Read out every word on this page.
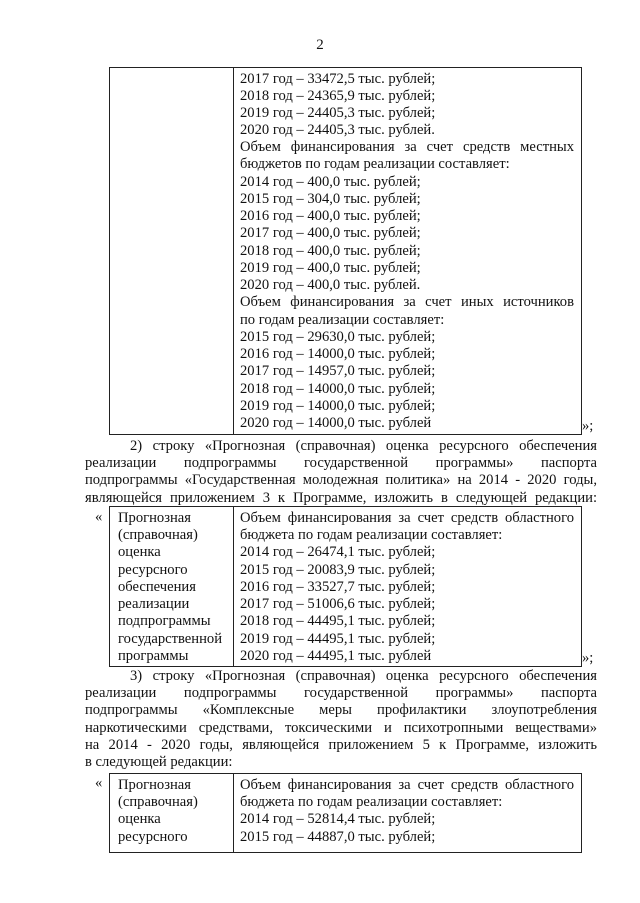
2
2017 год – 33472,5 тыс. рублей;
2018 год – 24365,9 тыс. рублей;
2019 год – 24405,3 тыс. рублей;
2020 год – 24405,3 тыс. рублей.
Объем финансирования за счет средств местных
бюджетов по годам реализации составляет:
2014 год – 400,0 тыс. рублей;
2015 год – 304,0 тыс. рублей;
2016 год – 400,0 тыс. рублей;
2017 год – 400,0 тыс. рублей;
2018 год – 400,0 тыс. рублей;
2019 год – 400,0 тыс. рублей;
2020 год – 400,0 тыс. рублей.
Объем финансирования за счет иных источников
по годам реализации составляет:
2015 год – 29630,0 тыс. рублей;
2016 год – 14000,0 тыс. рублей;
2017 год – 14957,0 тыс. рублей;
2018 год – 14000,0 тыс. рублей;
2019 год – 14000,0 тыс. рублей;
2020 год – 14000,0 тыс. рублей	»;
2) строку «Прогнозная (справочная) оценка ресурсного обеспечения
реализации подпрограммы государственной программы» паспорта
подпрограммы «Государственная молодежная политика» на 2014 - 2020 годы,
являющейся приложением 3 к Программе, изложить в следующей редакции:
« Прогнозная
(справочная)
оценка
ресурсного
обеспечения
реализации
подпрограммы
государственной
программы
Объем финансирования за счет средств областного
бюджета по годам реализации составляет:
2014 год – 26474,1 тыс. рублей;
2015 год – 20083,9 тыс. рублей;
2016 год – 33527,7 тыс. рублей;
2017 год – 51006,6 тыс. рублей;
2018 год – 44495,1 тыс. рублей;
2019 год – 44495,1 тыс. рублей;
2020 год – 44495,1 тыс. рублей	»;
3) строку «Прогнозная (справочная) оценка ресурсного обеспечения
реализации подпрограммы государственной программы» паспорта
подпрограммы «Комплексные меры профилактики злоупотребления
наркотическими средствами, токсическими и психотропными веществами»
на 2014 - 2020 годы, являющейся приложением 5 к Программе, изложить
в следующей редакции:
« Прогнозная
(справочная)
оценка
ресурсного
Объем финансирования за счет средств областного
бюджета по годам реализации составляет:
2014 год – 52814,4 тыс. рублей;
2015 год – 44887,0 тыс. рублей;
